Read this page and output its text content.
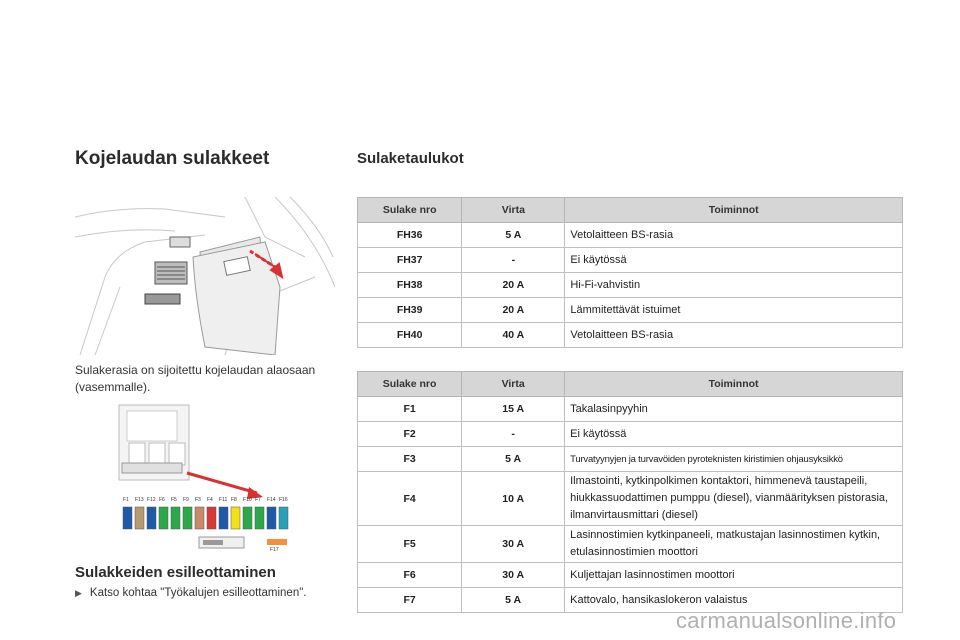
Kojelaudan sulakkeet	Sulaketaulukot
Sulakerasia on sijoitettu kojelaudan alaosaan (vasemmalle).
F1 F13 F12 F6 F5 F9 F3 F4 F11 F8 F10 F7 F14 F16
F17
Sulakkeiden esilleottaminen
▶ Katso kohtaa "Työkalujen esilleottaminen".
Sulake nro	Virta	Toiminnot
FH36	5 A	Vetolaitteen BS-rasia
FH37	-	Ei käytössä
FH38	20 A	Hi-Fi-vahvistin
FH39	20 A	Lämmitettävät istuimet
FH40	40 A	Vetolaitteen BS-rasia
Sulake nro	Virta	Toiminnot
F1	15 A	Takalasinpyyhin
F2	-	Ei käytössä
F3	5 A	Turvatyynyjen ja turvavöiden pyroteknisten kiristimien ohjausyksikkö
F4	10 A	Ilmastointi, kytkinpolkimen kontaktori, himmenevä taustapeili, hiukkassuodattimen pumppu (diesel), vianmääritykse​n pistorasia, ilmanvirtausmittari (diesel)
F5	30 A	Lasinnostimien kytkinpaneeli, matkustajan lasinnostimen kytkin, etulasinnostimien moottori
F6	30 A	Kuljettajan lasinnostimen moottori
F7	5 A	Kattovalo, hansikaslokeron valaistus
carmanualsonline.info
